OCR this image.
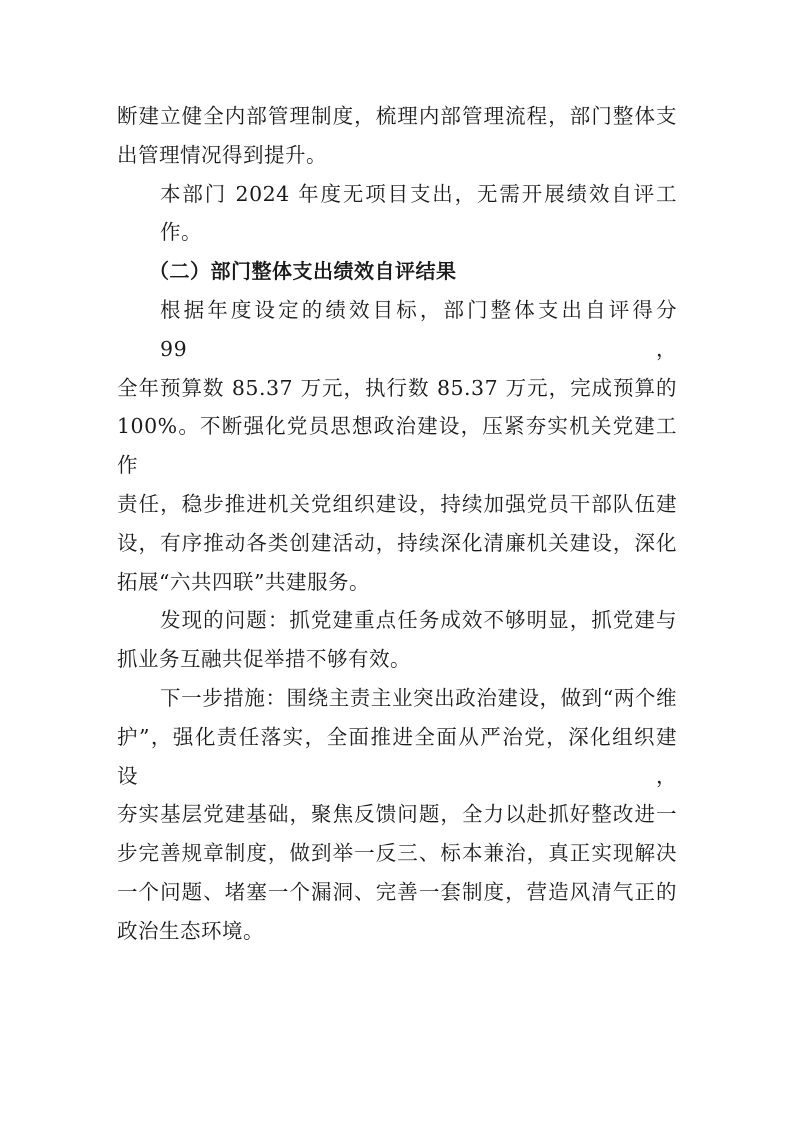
断建立健全内部管理制度，梳理内部管理流程，部门整体支
出管理情况得到提升。
本部门 2024 年度无项目支出，无需开展绩效自评工作。
（二）部门整体支出绩效自评结果
根据年度设定的绩效目标，部门整体支出自评得分 99，
全年预算数 85.37 万元，执行数 85.37 万元，完成预算的
100%。不断强化党员思想政治建设，压紧夯实机关党建工作
责任，稳步推进机关党组织建设，持续加强党员干部队伍建
设，有序推动各类创建活动，持续深化清廉机关建设，深化
拓展“六共四联”共建服务。
发现的问题：抓党建重点任务成效不够明显，抓党建与
抓业务互融共促举措不够有效。
下一步措施：围绕主责主业突出政治建设，做到“两个维
护”，强化责任落实，全面推进全面从严治党，深化组织建设，
夯实基层党建基础，聚焦反馈问题，全力以赴抓好整改进一
步完善规章制度，做到举一反三、标本兼治，真正实现解决
一个问题、堵塞一个漏洞、完善一套制度，营造风清气正的
政治生态环境。
